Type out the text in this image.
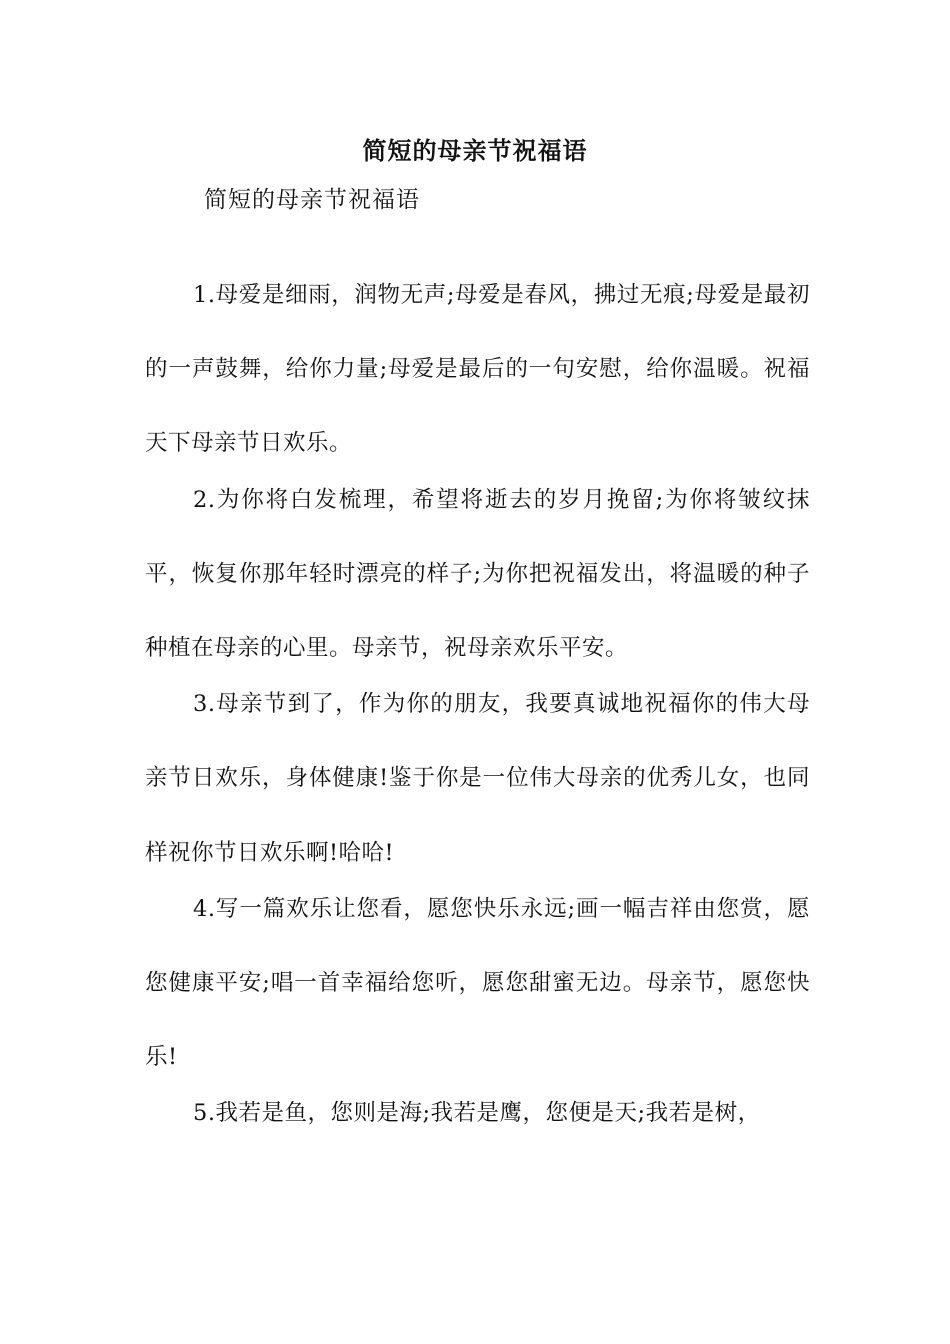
简短的母亲节祝福语
简短的母亲节祝福语

1.母爱是细雨，润物无声;母爱是春风，拂过无痕;母爱是最初的一声鼓舞，给你力量;母爱是最后的一句安慰，给你温暖。祝福天下母亲节日欢乐。

2.为你将白发梳理，希望将逝去的岁月挽留;为你将皱纹抹平，恢复你那年轻时漂亮的样子;为你把祝福发出，将温暖的种子种植在母亲的心里。母亲节，祝母亲欢乐平安。

3.母亲节到了，作为你的朋友，我要真诚地祝福你的伟大母亲节日欢乐，身体健康!鉴于你是一位伟大母亲的优秀儿女，也同样祝你节日欢乐啊!哈哈!

4.写一篇欢乐让您看，愿您快乐永远;画一幅吉祥由您赏，愿您健康平安;唱一首幸福给您听，愿您甜蜜无边。母亲节，愿您快乐!

5.我若是鱼，您则是海;我若是鹰，您便是天;我若是树，
